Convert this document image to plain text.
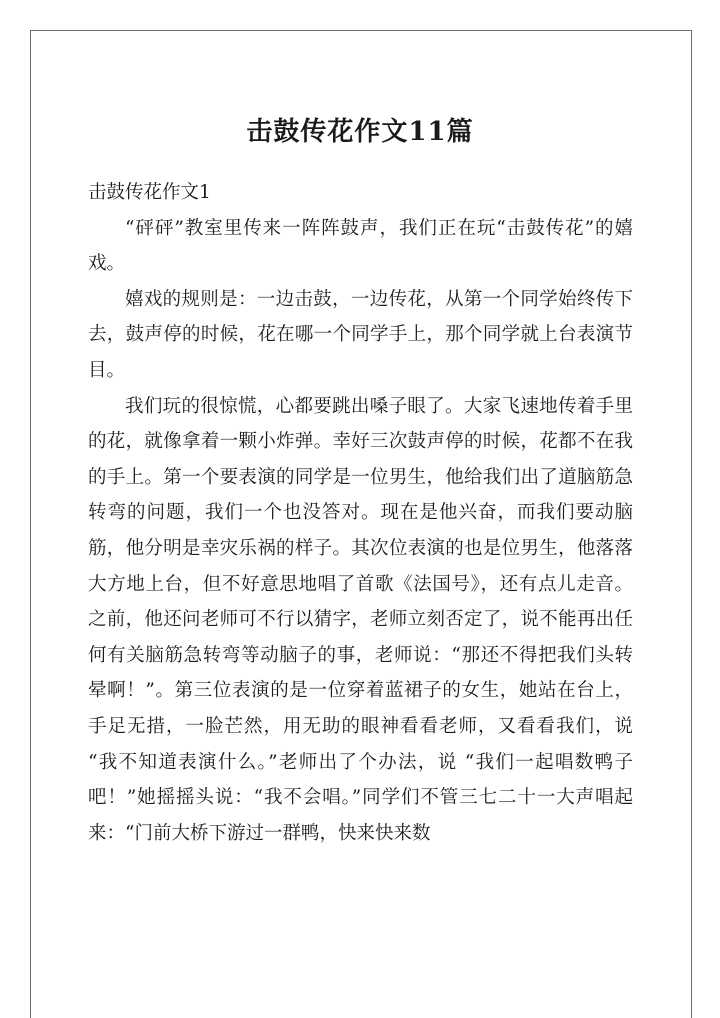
击鼓传花作文11篇
击鼓传花作文1

“砰砰”教室里传来一阵阵鼓声，我们正在玩“击鼓传花”的嬉戏。

嬉戏的规则是：一边击鼓，一边传花，从第一个同学始终传下去，鼓声停的时候，花在哪一个同学手上，那个同学就上台表演节目。

我们玩的很惊慌，心都要跳出嗓子眼了。大家飞速地传着手里的花，就像拿着一颗小炸弹。幸好三次鼓声停的时候，花都不在我的手上。第一个要表演的同学是一位男生，他给我们出了道脑筋急转弯的问题，我们一个也没答对。现在是他兴奋，而我们要动脑筋，他分明是幸灾乐祸的样子。其次位表演的也是位男生，他落落大方地上台，但不好意思地唱了首歌《法国号》，还有点儿走音。之前，他还问老师可不行以猜字，老师立刻否定了，说不能再出任何有关脑筋急转弯等动脑子的事，老师说：“那还不得把我们头转晕啊！”。第三位表演的是一位穿着蓝裙子的女生，她站在台上，手足无措，一脸芒然，用无助的眼神看看老师，又看看我们，说 “我不知道表演什么。”老师出了个办法，说 “我们一起唱数鸭子吧！”她摇摇头说：“我不会唱。”同学们不管三七二十一大声唱起来：“门前大桥下游过一群鸭，快来快来数
